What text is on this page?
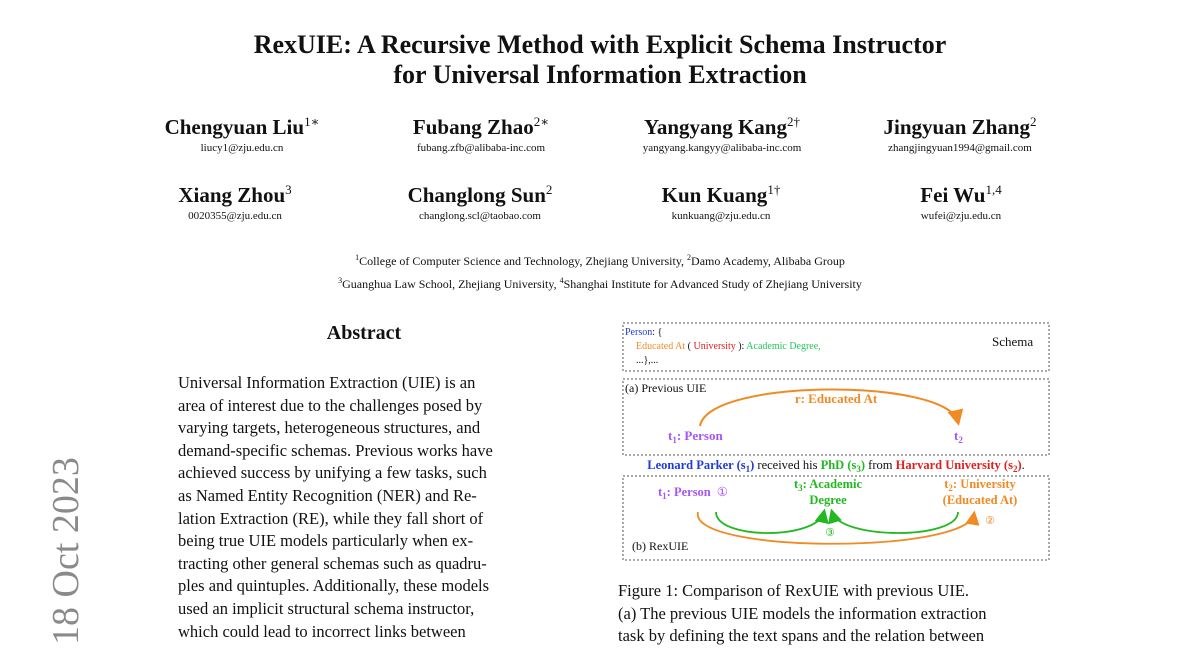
RexUIE: A Recursive Method with Explicit Schema Instructor
for Universal Information Extraction
Chengyuan Liu$^{1∗}$
liucy1@zju.edu.cn
Fubang Zhao$^{2∗}$
fubang.zfb@alibaba-inc.com
Yangyang Kang$^{2\dagger}$
yangyang.kangyy@alibaba-inc.com
Jingyuan Zhang$^2$
zhangjingyuan1994@gmail.com
Xiang Zhou$^3$
0020355@zju.edu.cn
Changlong Sun$^2$
changlong.scl@taobao.com
Kun Kuang$^{1\dagger}$
kunkuang@zju.edu.cn
Fei Wu$^{1,4}$
wufei@zju.edu.cn
$^1$College of Computer Science and Technology, Zhejiang University, $^2$Damo Academy, Alibaba Group
$^3$Guanghua Law School, Zhejiang University, $^4$Shanghai Institute for Advanced Study of Zhejiang University
18 Oct 2023
Abstract
Universal Information Extraction (UIE) is an
area of interest due to the challenges posed by
varying targets, heterogeneous structures, and
demand-specific schemas. Previous works have
achieved success by unifying a few tasks, such
as Named Entity Recognition (NER) and Re-
lation Extraction (RE), while they fall short of
being true UIE models particularly when ex-
tracting other general schemas such as quadru-
ples and quintuples. Additionally, these models
used an implicit structural schema instructor,
which could lead to incorrect links between
Person: {
Educated At ( University ): Academic Degree,
...},...
Schema
(a) Previous UIE
r: Educated At
$t_1$: Person	$t_2$
Leonard Parker $(s_1)$ received his PhD $(s_3)$ from Harvard University $(s_2)$.
$t_1$: Person ①
$t_3$: Academic
Degree
$t_2$: University
(Educated At)
③
②
(b) RexUIE
Figure 1: Comparison of RexUIE with previous UIE.
(a) The previous UIE models the information extraction
task by defining the text spans and the relation between
